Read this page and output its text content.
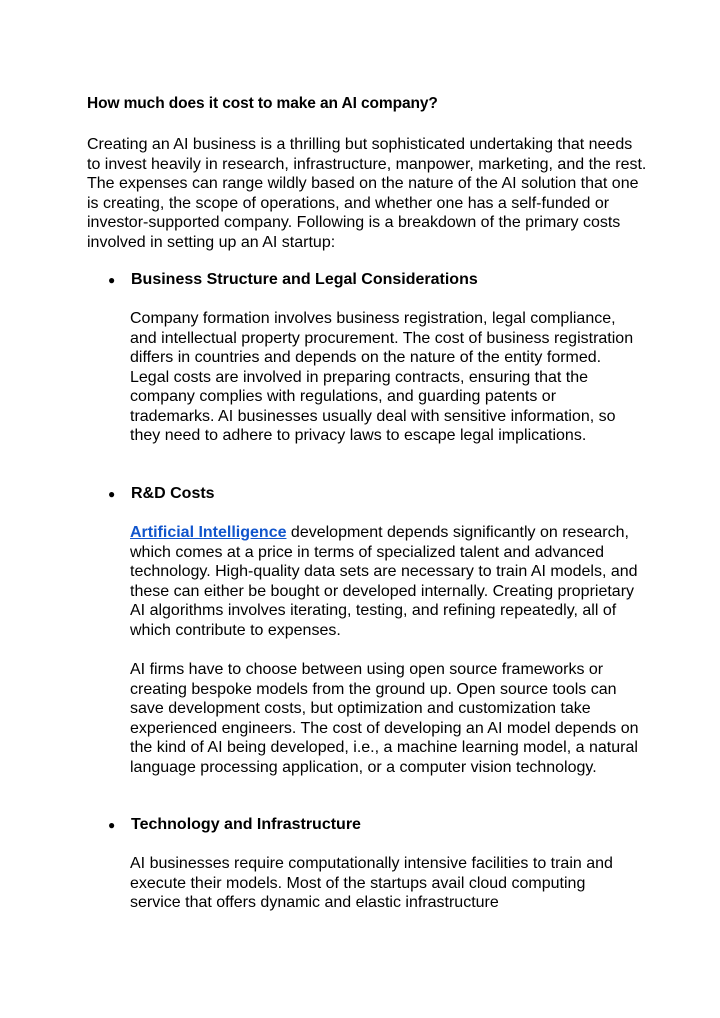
How much does it cost to make an AI company?

Creating an AI business is a thrilling but sophisticated undertaking that needs to invest heavily in research, infrastructure, manpower, marketing, and the rest. The expenses can range wildly based on the nature of the AI solution that one is creating, the scope of operations, and whether one has a self-funded or investor-supported company. Following is a breakdown of the primary costs involved in setting up an AI startup:

● Business Structure and Legal Considerations

Company formation involves business registration, legal compliance, and intellectual property procurement. The cost of business registration differs in countries and depends on the nature of the entity formed. Legal costs are involved in preparing contracts, ensuring that the company complies with regulations, and guarding patents or trademarks. AI businesses usually deal with sensitive information, so they need to adhere to privacy laws to escape legal implications.

● R&D Costs

Artificial Intelligence development depends significantly on research, which comes at a price in terms of specialized talent and advanced technology. High-quality data sets are necessary to train AI models, and these can either be bought or developed internally. Creating proprietary AI algorithms involves iterating, testing, and refining repeatedly, all of which contribute to expenses.

AI firms have to choose between using open source frameworks or creating bespoke models from the ground up. Open source tools can save development costs, but optimization and customization take experienced engineers. The cost of developing an AI model depends on the kind of AI being developed, i.e., a machine learning model, a natural language processing application, or a computer vision technology.

● Technology and Infrastructure

AI businesses require computationally intensive facilities to train and execute their models. Most of the startups avail cloud computing service that offers dynamic and elastic infrastructure
